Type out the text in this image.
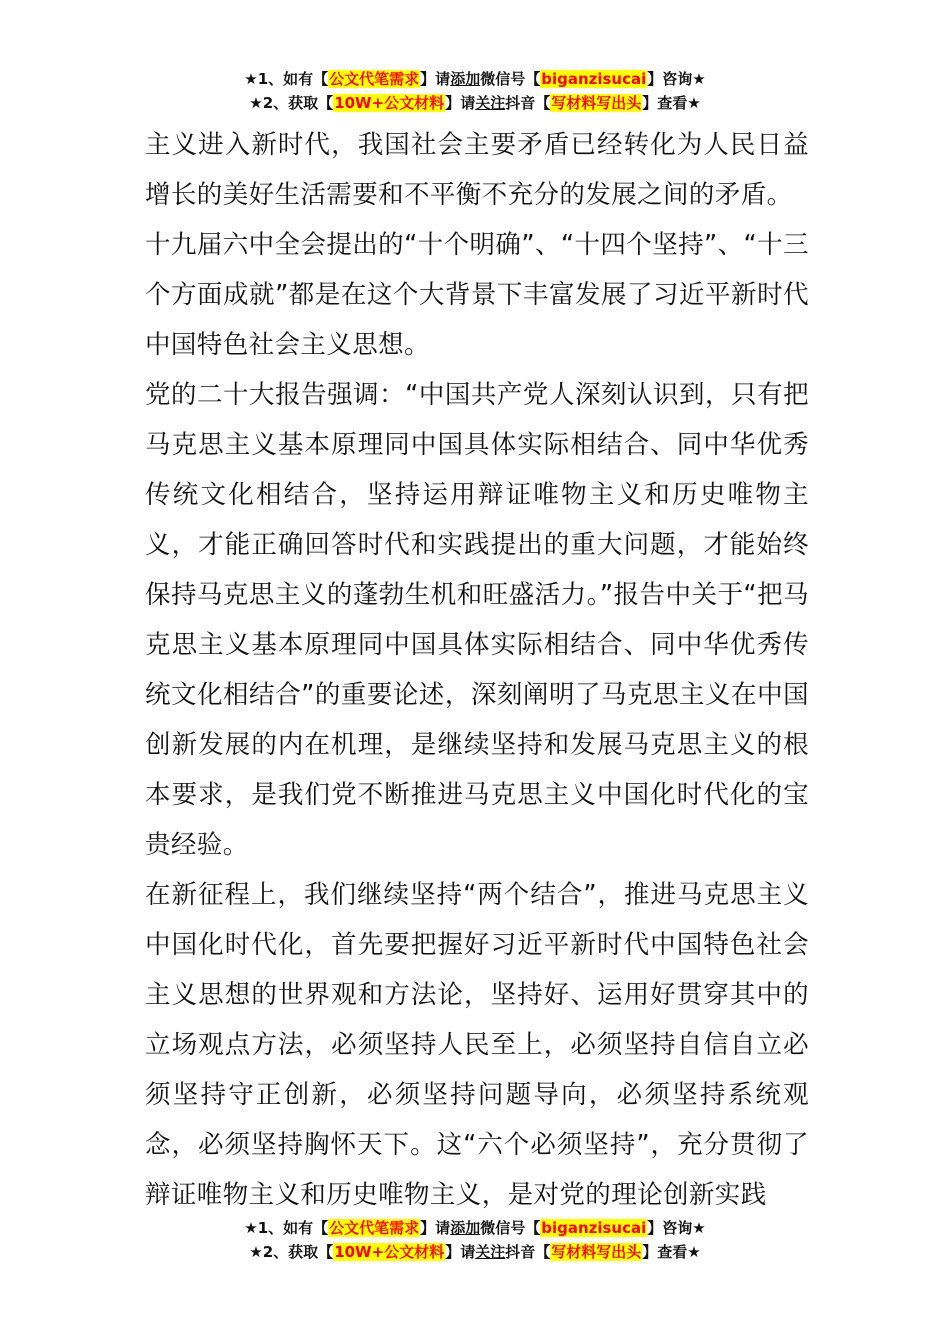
★1、如有【公文代笔需求】请添加微信号【biganzisucai】咨询★
★2、获取【10W+公文材料】请关注抖音【写材料写出头】查看★

主义进入新时代，我国社会主要矛盾已经转化为人民日益增长的美好生活需要和不平衡不充分的发展之间的矛盾。

十九届六中全会提出的“十个明确”、“十四个坚持”、“十三个方面成就”都是在这个大背景下丰富发展了习近平新时代中国特色社会主义思想。

党的二十大报告强调：“中国共产党人深刻认识到，只有把马克思主义基本原理同中国具体实际相结合、同中华优秀传统文化相结合，坚持运用辩证唯物主义和历史唯物主义，才能正确回答时代和实践提出的重大问题，才能始终保持马克思主义的蓬勃生机和旺盛活力。”报告中关于“把马克思主义基本原理同中国具体实际相结合、同中华优秀传统文化相结合”的重要论述，深刻阐明了马克思主义在中国创新发展的内在机理，是继续坚持和发展马克思主义的根本要求，是我们党不断推进马克思主义中国化时代化的宝贵经验。

在新征程上，我们继续坚持“两个结合”，推进马克思主义中国化时代化，首先要把握好习近平新时代中国特色社会主义思想的世界观和方法论，坚持好、运用好贯穿其中的立场观点方法，必须坚持人民至上，必须坚持自信自立必须坚持守正创新，必须坚持问题导向，必须坚持系统观念，必须坚持胸怀天下。这“六个必须坚持”，充分贯彻了辩证唯物主义和历史唯物主义，是对党的理论创新实践

★1、如有【公文代笔需求】请添加微信号【biganzisucai】咨询★
★2、获取【10W+公文材料】请关注抖音【写材料写出头】查看★
